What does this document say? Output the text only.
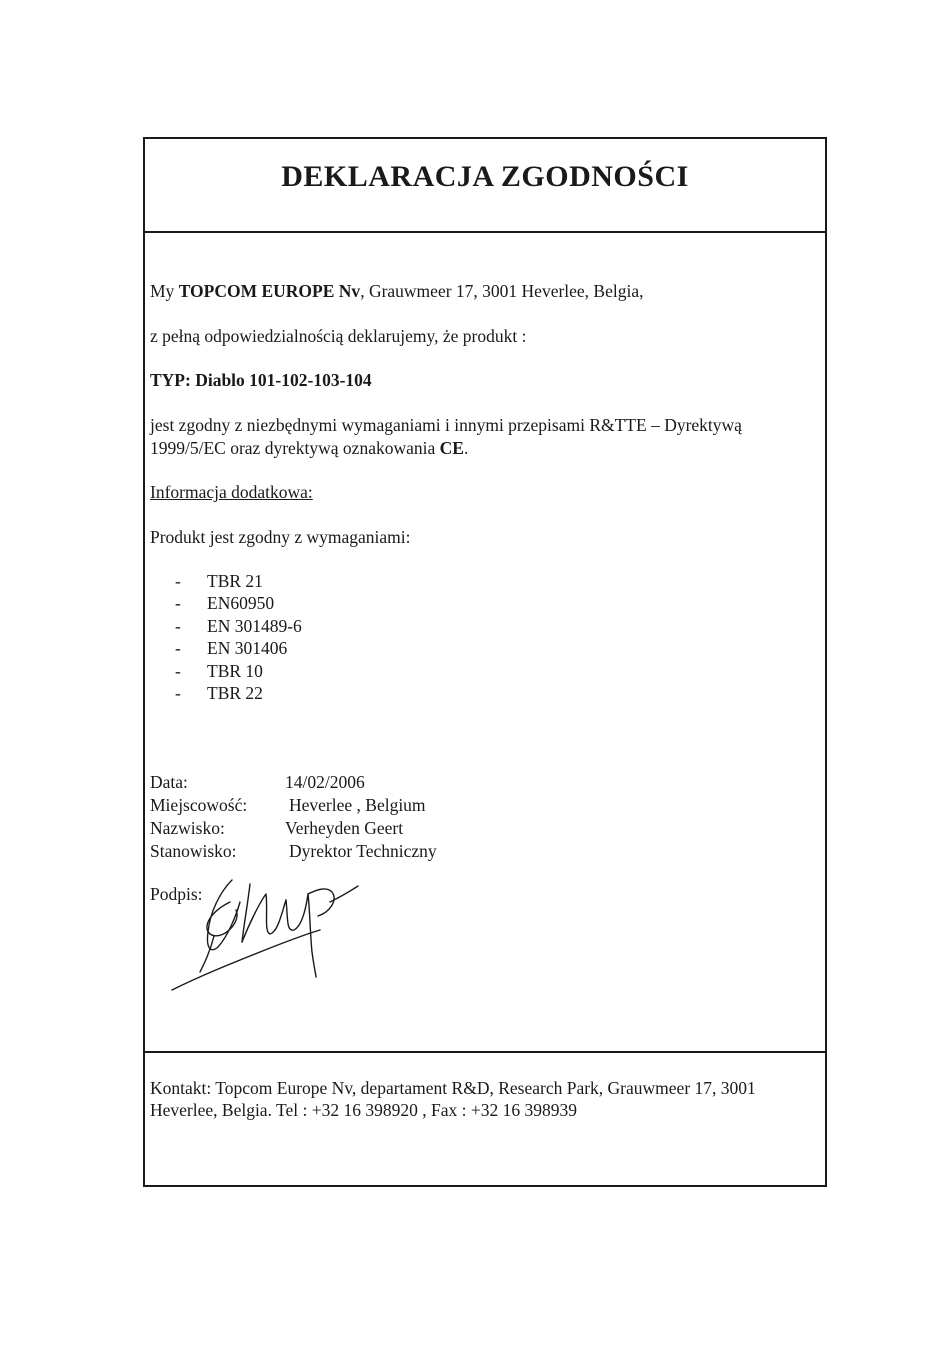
DEKLARACJA ZGODNOŚCI
My TOPCOM EUROPE Nv, Grauwmeer 17, 3001 Heverlee, Belgia,
z pełną odpowiedzialnością deklarujemy, że produkt :
TYP: Diablo 101-102-103-104
jest zgodny z niezbędnymi wymaganiami i innymi przepisami R&TTE – Dyrektywą
1999/5/EC oraz dyrektywą oznakowania CE.
Informacja dodatkowa:
Produkt jest zgodny z wymaganiami:
- TBR 21
- EN60950
- EN 301489-6
- EN 301406
- TBR 10
- TBR 22
Data:	14/02/2006
Miejscowość: Heverlee , Belgium
Nazwisko:	Verheyden Geert
Stanowisko:	Dyrektor Techniczny
Podpis:
Kontakt: Topcom Europe Nv, departament R&D, Research Park, Grauwmeer 17, 3001
Heverlee, Belgia. Tel : +32 16 398920 , Fax : +32 16 398939
